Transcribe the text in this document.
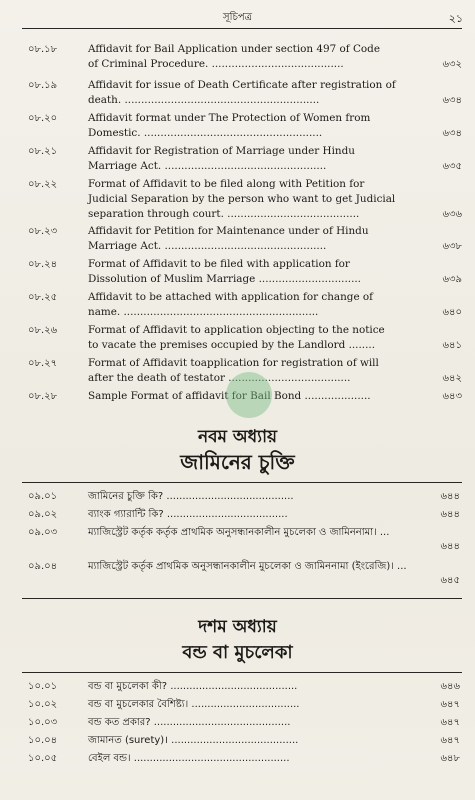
সূচিপত্র	২১
০৮.১৮	Affidavit for Bail Application under section 497 of Code
of Criminal Procedure. ........................................	৬৩২
০৮.১৯	Affidavit for issue of Death Certificate after registration of
death. ...........................................................	৬৩৪
০৮.২০	Affidavit format under The Protection of Women from
Domestic. ......................................................	৬৩৪
০৮.২১	Affidavit for Registration of Marriage under Hindu
Marriage Act. .................................................	৬৩৫
০৮.২২	Format of Affidavit to be filed along with Petition for
Judicial Separation by the person who want to get Judicial
separation through court. ........................................	৬৩৬
০৮.২৩	Affidavit for Petition for Maintenance under of Hindu
Marriage Act. .................................................	৬৩৮
০৮.২৪	Format of Affidavit to be filed with application for
Dissolution of Muslim Marriage ...............................	৬৩৯
০৮.২৫	Affidavit to be attached with application for change of
name. ...........................................................	৬৪০
০৮.২৬	Format of Affidavit to application objecting to the notice
to vacate the premises occupied by the Landlord ........	৬৪১
০৮.২৭	Format of Affidavit toapplication for registration of will
after the death of testator .....................................	৬৪২
০৮.২৮	Sample Format of affidavit for Bail Bond ....................	৬৪৩
নবম অধ্যায়
জামিনের চুক্তি
০৯.০১	জামিনের চুক্তি কি? ........................................	৬৪৪
০৯.০২	ব্যাংক গ্যারান্টি কি? ......................................	৬৪৪
০৯.০৩	ম্যাজিস্ট্রেট কর্তৃক কর্তৃক প্রাথমিক অনুসন্ধানকালীন মুচলেকা ও জামিননামা। ...
৬৪৪
০৯.০৪	ম্যাজিস্ট্রেট কর্তৃক প্রাথমিক অনুসন্ধানকালীন মুচলেকা ও জামিননামা (ইংরেজি)। ...
৬৪৫
দশম অধ্যায়
বন্ড বা মুচলেকা
১০.০১	বন্ড বা মুচলেকা কী? ........................................	৬৪৬
১০.০২	বন্ড বা মুচলেকার বৈশিষ্ট্য। ..................................	৬৪৭
১০.০৩	বন্ড কত প্রকার? ...........................................	৬৪৭
১০.০৪	জামানত (surety)। ........................................	৬৪৭
১০.০৫	বেইল বন্ড। .................................................	৬৪৮
